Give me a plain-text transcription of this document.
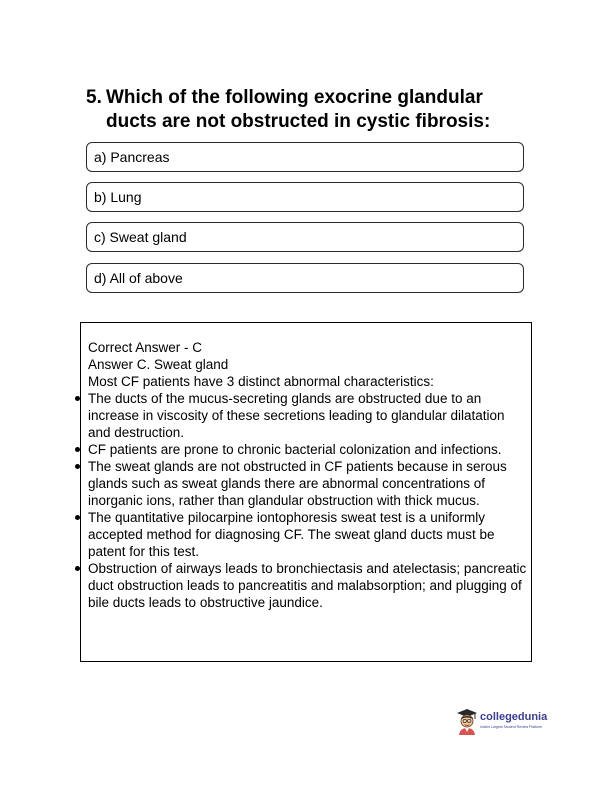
5. Which of the following exocrine glandular
ducts are not obstructed in cystic fibrosis:
a) Pancreas
b) Lung
c) Sweat gland
d) All of above
Correct Answer - C
Answer C. Sweat gland
Most CF patients have 3 distinct abnormal characteristics:
The ducts of the mucus-secreting glands are obstructed due to an increase in viscosity of these secretions leading to glandular dilatation and destruction.
CF patients are prone to chronic bacterial colonization and infections.
The sweat glands are not obstructed in CF patients because in serous glands such as sweat glands there are abnormal concentrations of inorganic ions, rather than glandular obstruction with thick mucus.
The quantitative pilocarpine iontophoresis sweat test is a uniformly accepted method for diagnosing CF. The sweat gland ducts must be patent for this test.
Obstruction of airways leads to bronchiectasis and atelectasis; pancreatic duct obstruction leads to pancreatitis and malabsorption; and plugging of bile ducts leads to obstructive jaundice.
collegedunia
India's Largest Student Review Platform
